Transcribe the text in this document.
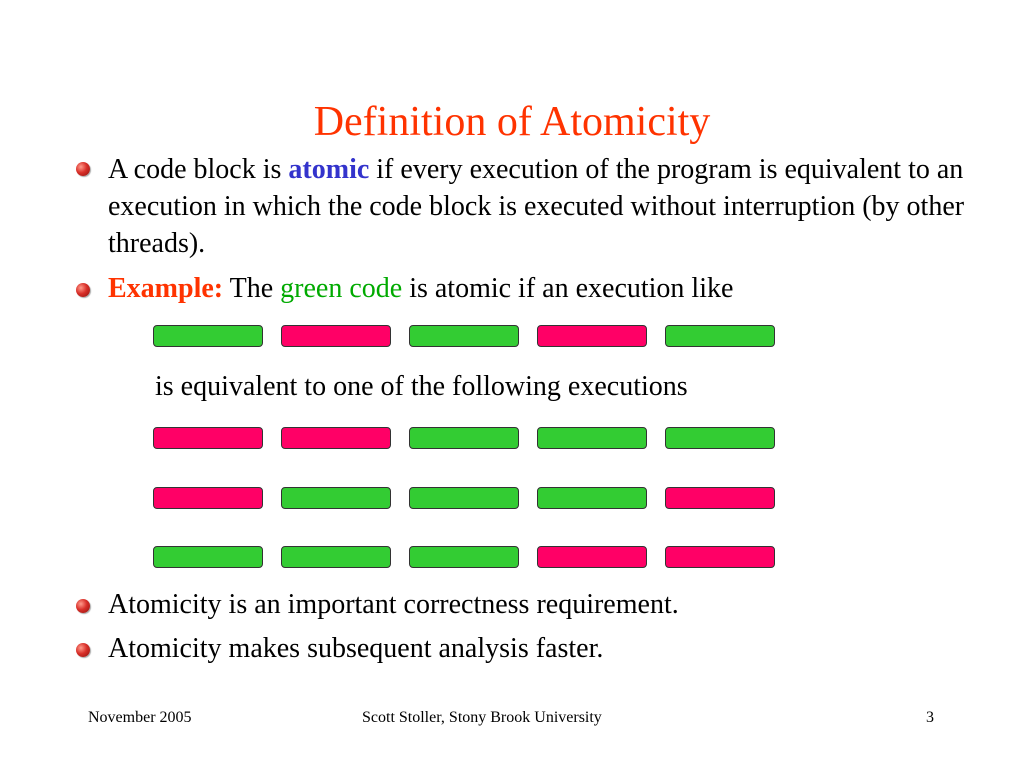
Definition of Atomicity
A code block is atomic if every execution of the program is equivalent to an execution in which the code block is executed without interruption (by other threads).
Example: The green code is atomic if an execution like
is equivalent to one of the following executions
Atomicity is an important correctness requirement.
Atomicity makes subsequent analysis faster.
November 2005	Scott Stoller, Stony Brook University	3
